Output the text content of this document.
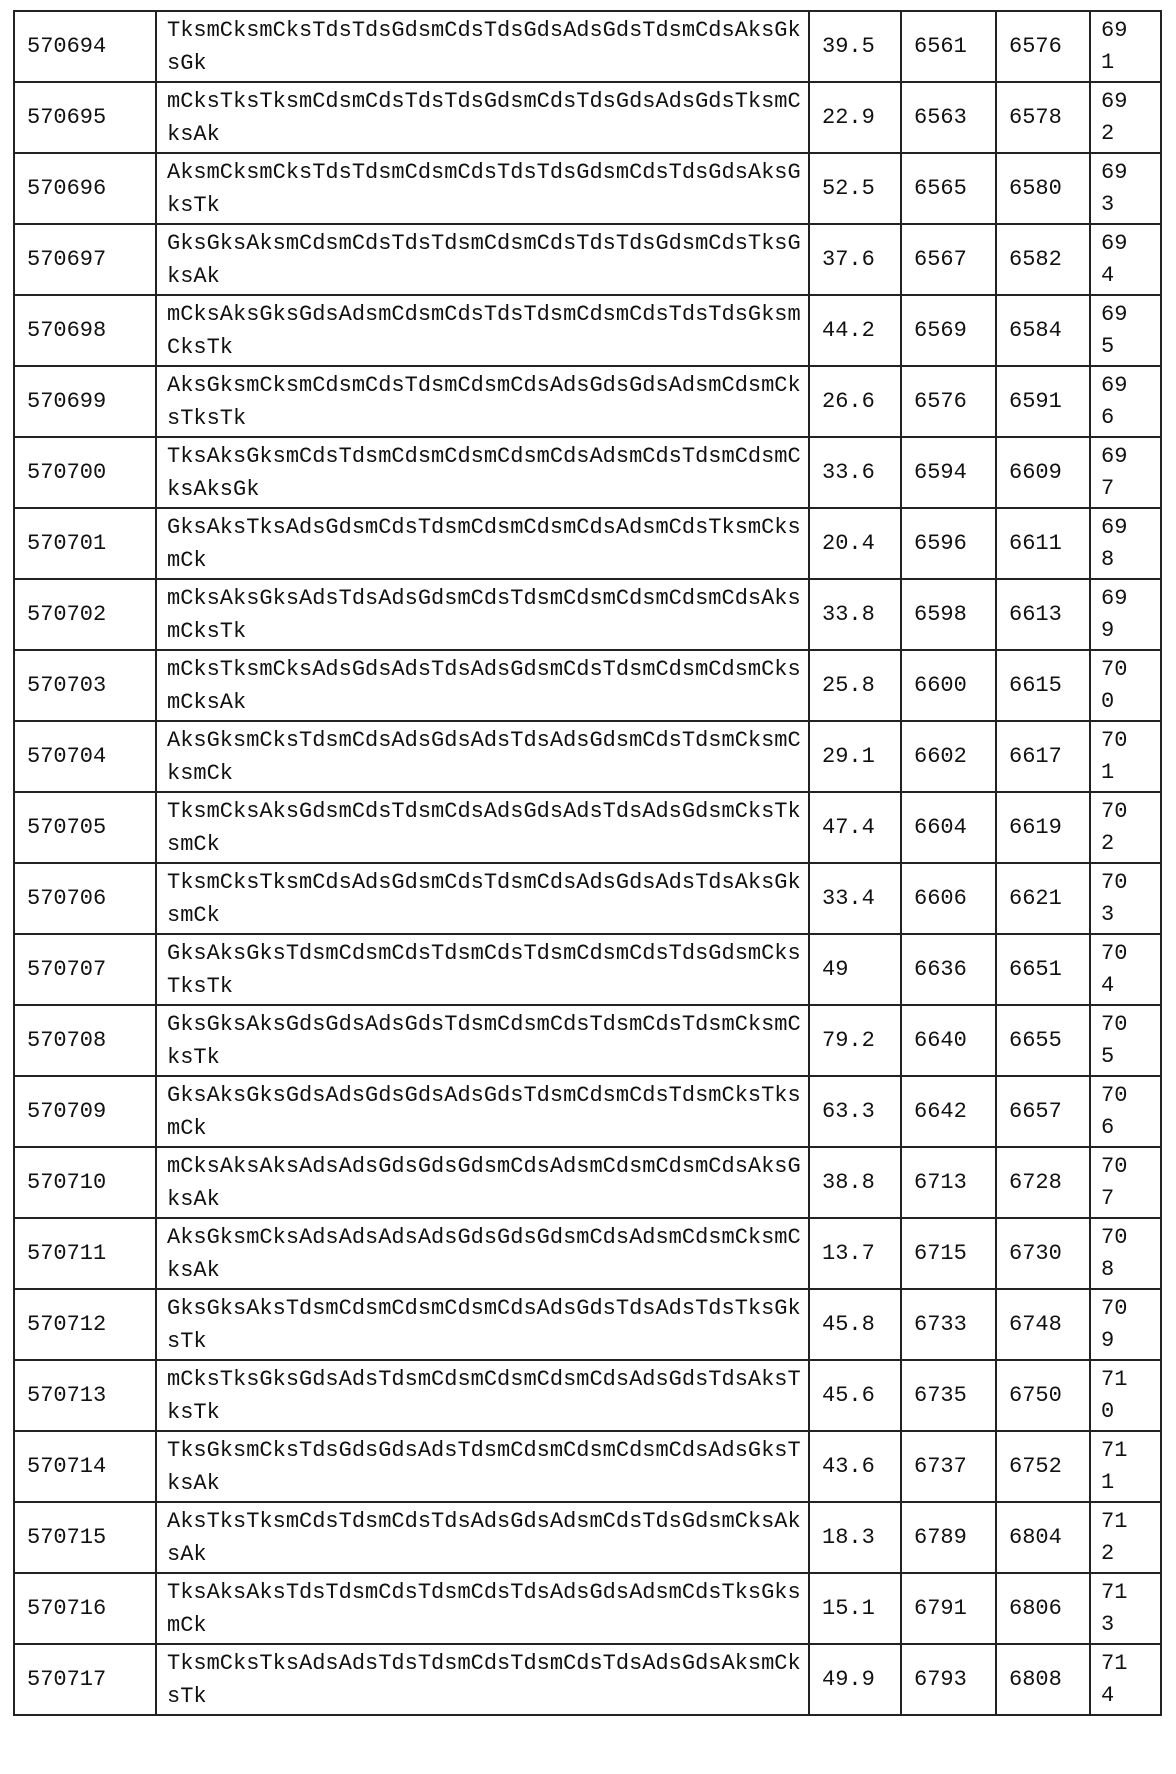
570694	TksmCksmCksTdsTdsGdsmCdsTdsGdsAdsGdsTdsmCdsAksGksGk	39.5	6561	6576	
691

570695	mCksTksTksmCdsmCdsTdsTdsGdsmCdsTdsGdsAdsGdsTksmCksAk	22.9	6563	6578	
692

570696	AksmCksmCksTdsTdsmCdsmCdsTdsTdsGdsmCdsTdsGdsAksGksTk	52.5	6565	6580	
693

570697	GksGksAksmCdsmCdsTdsTdsmCdsmCdsTdsTdsGdsmCdsTksGksAk	37.6	6567	6582	
694

570698	mCksAksGksGdsAdsmCdsmCdsTdsTdsmCdsmCdsTdsTdsGksmCksTk	44.2	6569	6584	
695

570699	AksGksmCksmCdsmCdsTdsmCdsmCdsAdsGdsGdsAdsmCdsmCksTksTk	26.6	6576	6591	
696

570700	TksAksGksmCdsTdsmCdsmCdsmCdsmCdsAdsmCdsTdsmCdsmCksAksGk	33.6	6594	6609	
697

570701	GksAksTksAdsGdsmCdsTdsmCdsmCdsmCdsAdsmCdsTksmCksmCk	20.4	6596	6611	
698

570702	mCksAksGksAdsTdsAdsGdsmCdsTdsmCdsmCdsmCdsmCdsAksmCksTk	33.8	6598	6613	
699

570703	mCksTksmCksAdsGdsAdsTdsAdsGdsmCdsTdsmCdsmCdsmCksmCksAk	25.8	6600	6615	
700

570704	AksGksmCksTdsmCdsAdsGdsAdsTdsAdsGdsmCdsTdsmCksmCksmCk	29.1	6602	6617	
701

570705	TksmCksAksGdsmCdsTdsmCdsAdsGdsAdsTdsAdsGdsmCksTksmCk	47.4	6604	6619	
702

570706	TksmCksTksmCdsAdsGdsmCdsTdsmCdsAdsGdsAdsTdsAksGksmCk	33.4	6606	6621	
703

570707	GksAksGksTdsmCdsmCdsTdsmCdsTdsmCdsmCdsTdsGdsmCksTksTk	49	6636	6651	
704

570708	GksGksAksGdsGdsAdsGdsTdsmCdsmCdsTdsmCdsTdsmCksmCksTk	79.2	6640	6655	
705

570709	GksAksGksGdsAdsGdsGdsAdsGdsTdsmCdsmCdsTdsmCksTksmCk	63.3	6642	6657	
706

570710	mCksAksAksAdsAdsGdsGdsGdsmCdsAdsmCdsmCdsmCdsAksGksAk	38.8	6713	6728	
707

570711	AksGksmCksAdsAdsAdsAdsGdsGdsGdsmCdsAdsmCdsmCksmCksAk	13.7	6715	6730	
708

570712	GksGksAksTdsmCdsmCdsmCdsmCdsAdsGdsTdsAdsTdsTksGksTk	45.8	6733	6748	
709

570713	mCksTksGksGdsAdsTdsmCdsmCdsmCdsmCdsAdsGdsTdsAksTksTk	45.6	6735	6750	
710

570714	TksGksmCksTdsGdsGdsAdsTdsmCdsmCdsmCdsmCdsAdsGksTksAk	43.6	6737	6752	
711

570715	AksTksTksmCdsTdsmCdsTdsAdsGdsAdsmCdsTdsGdsmCksAksAk	18.3	6789	6804	
712

570716	TksAksAksTdsTdsmCdsTdsmCdsTdsAdsGdsAdsmCdsTksGksmCk	15.1	6791	6806	
713

570717	TksmCksTksAdsAdsTdsTdsmCdsTdsmCdsTdsAdsGdsAksmCksTk	49.9	6793	6808	
714
